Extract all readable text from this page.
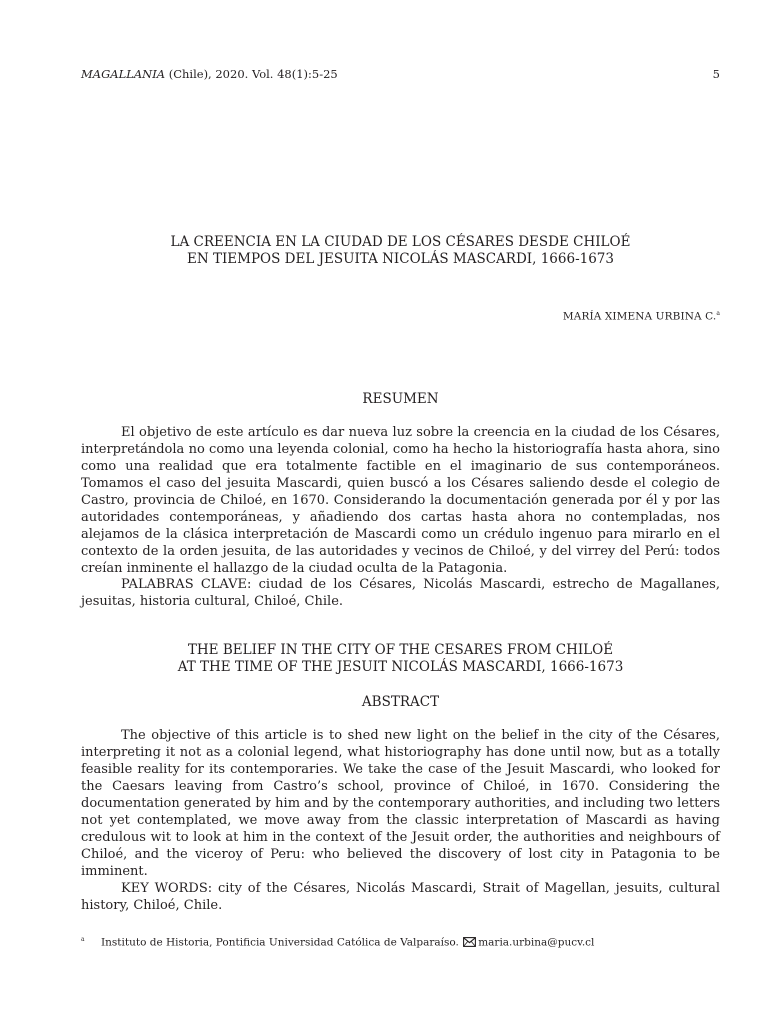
MAGALLANIA (Chile), 2020. Vol. 48(1):5-25	5
LA CREENCIA EN LA CIUDAD DE LOS CÉSARES DESDE CHILOÉ
EN TIEMPOS DEL JESUITA NICOLÁS MASCARDI, 1666-1673
MARÍA XIMENA URBINA C.$^a$
RESUMEN

El objetivo de este artículo es dar nueva luz sobre la creencia en la ciudad de los Césares, interpretándola no como una leyenda colonial, como ha hecho la historiografía hasta ahora, sino como una realidad que era totalmente factible en el imaginario de sus contemporáneos. Tomamos el caso del jesuita Mascardi, quien buscó a los Césares saliendo desde el colegio de Castro, provincia de Chiloé, en 1670. Considerando la documentación generada por él y por las autoridades contemporáneas, y añadiendo dos cartas hasta ahora no contempladas, nos alejamos de la clásica interpretación de Mascardi como un crédulo ingenuo para mirarlo en el contexto de la orden jesuita, de las autoridades y vecinos de Chiloé, y del virrey del Perú: todos creían inminente el hallazgo de la ciudad oculta de la Patagonia.

PALABRAS CLAVE: ciudad de los Césares, Nicolás Mascardi, estrecho de Magallanes, jesuitas, historia cultural, Chiloé, Chile.

THE BELIEF IN THE CITY OF THE CESARES FROM CHILOÉ
AT THE TIME OF THE JESUIT NICOLÁS MASCARDI, 1666-1673
ABSTRACT

The objective of this article is to shed new light on the belief in the city of the Césares, interpreting it not as a colonial legend, what historiography has done until now, but as a totally feasible reality for its contemporaries. We take the case of the Jesuit Mascardi, who looked for the Caesars leaving from Castro’s school, province of Chiloé, in 1670. Considering the documentation generated by him and by the contemporary authorities, and including two letters not yet contemplated, we move away from the classic interpretation of Mascardi as having credulous wit to look at him in the context of the Jesuit order, the authorities and neighbours of Chiloé, and the viceroy of Peru: who believed the discovery of lost city in Patagonia to be imminent.

KEY WORDS: city of the Césares, Nicolás Mascardi, Strait of Magellan, jesuits, cultural history, Chiloé, Chile.

$^a$ Instituto de Historia, Pontificia Universidad Católica de Valparaíso. maria.urbina@pucv.cl
